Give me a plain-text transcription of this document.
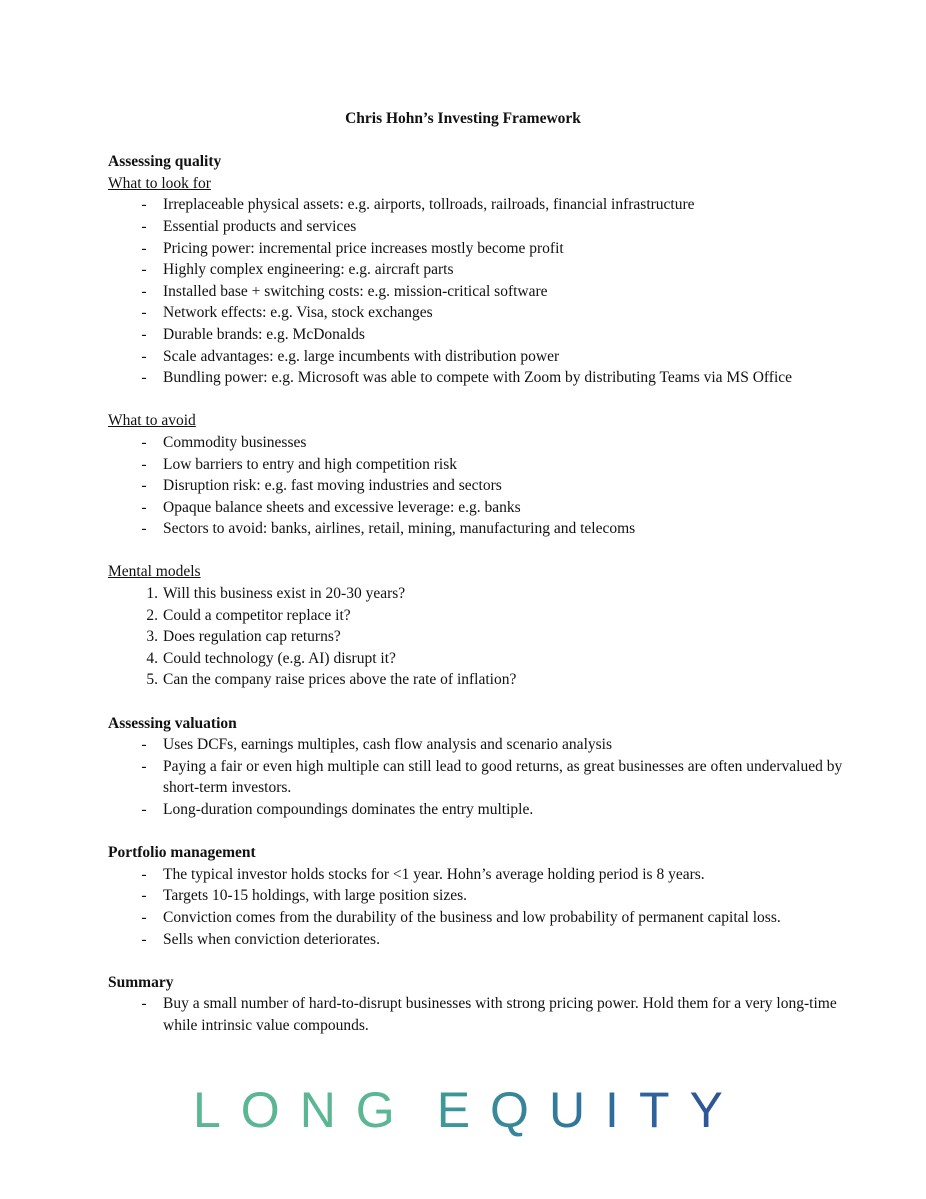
Chris Hohn’s Investing Framework
Assessing quality
What to look for
-	Irreplaceable physical assets: e.g. airports, tollroads, railroads, financial infrastructure
-	Essential products and services
-	Pricing power: incremental price increases mostly become profit
-	Highly complex engineering: e.g. aircraft parts
-	Installed base + switching costs: e.g. mission-critical software
-	Network effects: e.g. Visa, stock exchanges
-	Durable brands: e.g. McDonalds
-	Scale advantages: e.g. large incumbents with distribution power
-	Bundling power: e.g. Microsoft was able to compete with Zoom by distributing Teams via MS Office
What to avoid
-	Commodity businesses
-	Low barriers to entry and high competition risk
-	Disruption risk: e.g. fast moving industries and sectors
-	Opaque balance sheets and excessive leverage: e.g. banks
-	Sectors to avoid: banks, airlines, retail, mining, manufacturing and telecoms
Mental models
1. Will this business exist in 20-30 years?
2. Could a competitor replace it?
3. Does regulation cap returns?
4. Could technology (e.g. AI) disrupt it?
5. Can the company raise prices above the rate of inflation?
Assessing valuation
-	Uses DCFs, earnings multiples, cash flow analysis and scenario analysis
-	Paying a fair or even high multiple can still lead to good returns, as great businesses are often undervalued by short-term investors.
-	Long-duration compoundings dominates the entry multiple.
Portfolio management
-	The typical investor holds stocks for <1 year. Hohn’s average holding period is 8 years.
-	Targets 10-15 holdings, with large position sizes.
-	Conviction comes from the durability of the business and low probability of permanent capital loss.
-	Sells when conviction deteriorates.
Summary
-	Buy a small number of hard-to-disrupt businesses with strong pricing power. Hold them for a very long-time while intrinsic value compounds.
LONG EQUITY
